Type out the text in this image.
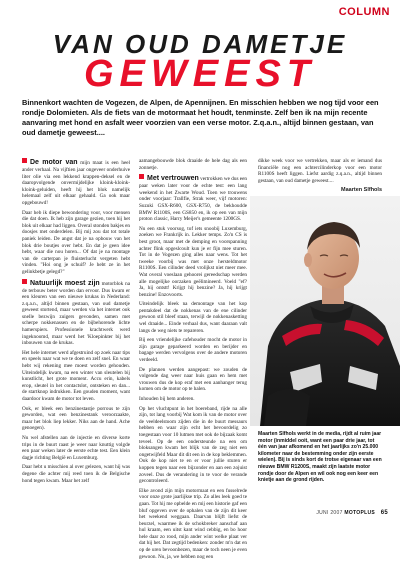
COLUMN
VAN OUD DAMETJE
GEWEEST
Binnenkort wachten de Vogezen, de Alpen, de Apennijnen. En misschien hebben we nog tijd voor een rondje Dolomieten. Als de fiets van de motormaat het houdt, tenminste. Zelf ben ik na mijn recente aanvaring met hond en asfalt weer voorzien van een verse motor. Z.q.a.n., altijd binnen gestaan, van oud dametje geweest....

De motor van mijn maat is een heel ander verhaal. Na vijftien jaar ongeveer onderhuive liter olie via een lekkend krappen-deksel en de daaropvolgende onvermijdelijke kloink-kloink-kloink-geluiden, heeft hij het blok namelijk helemaal zelf uit elkaar gehaald. Ga ook maar opgebouwd!

Daar heb ik diepe bewondering voor, voor mensen die dat doen. Ik heb zijn garage gezien, toen hij het blok uit elkaar had liggen. Overal stonden bakjes en doosjes met onderdelen. Bij mij zou dat tot totale paniek leiden. De angst dat je na opbouw van het blok drie boutjes over hebt. En dat je geen idee hebt, waar die nou horen... Of dat je na montage van de carterpan je fluisterlucht vergeten hebt vinden. "Hoi ong je schuif? Je hebt ze in het gelinkbetje gelegd?"

Natuurlijk moest zijn motorblok na de terbouw beter worden dan ervoor. Dus kwam er een kleuren van een nieuwe krukas in Nederland: z.q.a.n., altijd binnen gestaan, van oud dametje geweest stortend, maar werden via het internet ook snelle bezwijn zuigers gevonden, samen met scherpe nokkenassen en de bijbehorende lichte hamerspiers. Professionele krachtwerk werd ingeknoomd, maar werd het 'Kloepinkter bij het inbouwen van de krukas.

Het hele internet werd afgestruind op zoek naar tips en speels naar wat we te doen en zelf snel. En waar hebt wij rekening mee moest worden gehouden. Uiteindelijk kwam, na een winter van sleutelen bij kunstlicht, het grote moment. Accu erin, kabels erop, sleutel in het contactslot, ontsteken en dan... de startknop indrukken. Een gouden moment, want daardoor kwam de motor tot leven.

Ook, er bleek een benzinestastje porrous te zijn geworden, wat een benzinestank veroorzaakte, maar het blok liep lekker. Niks aan de hand. Ache genoegen).

Nu wel afstellen aan de injectie en diverse korte trips in de buurt raast je weer naar knuttig volgde een paar weken later de eerste echte test. Een klein dagje richting België en Luxemburg.

Daar hebt u misschien al over gelezen, want hij was degene die achter mij reed toen ik de Belgische hond tegen kwam. Maar het zelf

aamangebouwde blok draaide de hele dag als een zonnetje.

Met vertrouwen vertrokken we dus een paar weken later voor de echte test: een lang weekend in het Zwarte Woud. Toen we trouwens onder voorjaar: Trallfie, Strak weer, vijf motoren: Suzuki GSX-R600, GSX-R750, de bekhoudde BMW R1100S, een GS850 en, ik op een van mijn proton classic, Harry Meijer's gemeente 1200GS.

Nu een stuk voorsog, tof iets snoobij Luxemburg, zoeken we Frankrijk in. Lekker temps. Zo'n CS is best groot, maar met de demping en voorspanning achter flink opgeslcoult kun je er fijn mee sturen. Tot in de Vogezen ging alles naar wens. Tot het tweeke voorbij was met onze hersteldmotor R1100S. Een cilinder deed vrolijkst niet meer mee. Wat overal voeslaan gehoorei gereedschap werden alle mogelijke oorzaken geëlimineerd. Voeld "ef? Ja, hij ontstt! Krijgt hij benzine? Ja, hij krijgt benzine! Enzovoorts.

Uiteindelijk bleek na demontage van het kop pentakdeel dat de nokkenas van de ene cilinder gewoon stil bleef staan, terwijl de nokkenasketting wel draaide... Einde verhaal dus, want daaraan valt langs de weg niets te repareren.

Bij een vriendelijke cafehouder mocht de motor in zijn garage geparkeerd worden en berijder en bagage werden vervolgens over de andere motoren verdeeld.

De plannen werden aangepast: we zouden de volgende dag weer naar huis gaan en hem met vrouwen dus de kop eraf met een aanhanger terug komen om de motor op te halen.

Inhouden bij hem anderen.

Op het vluchtpunt in het boereband, rijde na alle zijn, tot lang voorbij Wat kom ik van de motor over de veeldeelstoom zijden die in de buurt messaurs hebben en waar zijn echt het bevoordelig zo toegestaan voor 10 lutmen met ook de bijzaak komt teveel. Op de een ondersteunde na een om bloksangen kwam het blijk van de zeg niet een ongetwijfeld Maar dit dit een in de kop beklemmen. Ook de kop niet te en er voor jullie sturen er koppen tegen naar een bijzonder en aan een zojuist zoveel. Dus de verandering in te voor de verande gecontroleerd.

Elke avond zijn mijn motormaat en een fusselrede voor onze grote jaarlijkse trip. Zo alles leek goed te gaan. Tot hij me opbelde en mij een historie gaf een bluf opgeven over de ophalen van de zijn dit keer het weekend weggaan. Daarvan blijft liefst de beurzel, waarmee ik de schokbreker aanschaf aan hul kraam, een uitst kant wind cebbig, en bo hoor hele daar zo rood, mijn ander wint welke plaat ver dat hij het. Dat zegtijd bedenken: zonder m'n dat en op de uren bevoonbezen, maar de toch neen je even gewoon. Nu, ja, we hebben nog een

dikke week voor we vertrekken, maar als er iemand dus financiële nog een achtercilinderkop voor een motor R1100S heeft liggen. Liefst aardig z.q.a.n., altijd binnen gestaan, van oud dametje geweest....

Maarten Slfhols
Maarten Slfhols werkt in de media, rijdt al ruim jaar motor (inmiddel ooit, want een paar drie jaar, tot één van jaar afkomend en het jaarlijks zo'n 25.000 kilometer naar de bestemming onder zijn eerste wielen). Bij is sinds kort de trotse eigenaar van een nieuwe BMW R1200S, maakt zijn laatste motor rondje door de Alpen en wil ook nog een keer een knietje aan de grond rijden.
JUNI 2007 MOTOPLUS 65
